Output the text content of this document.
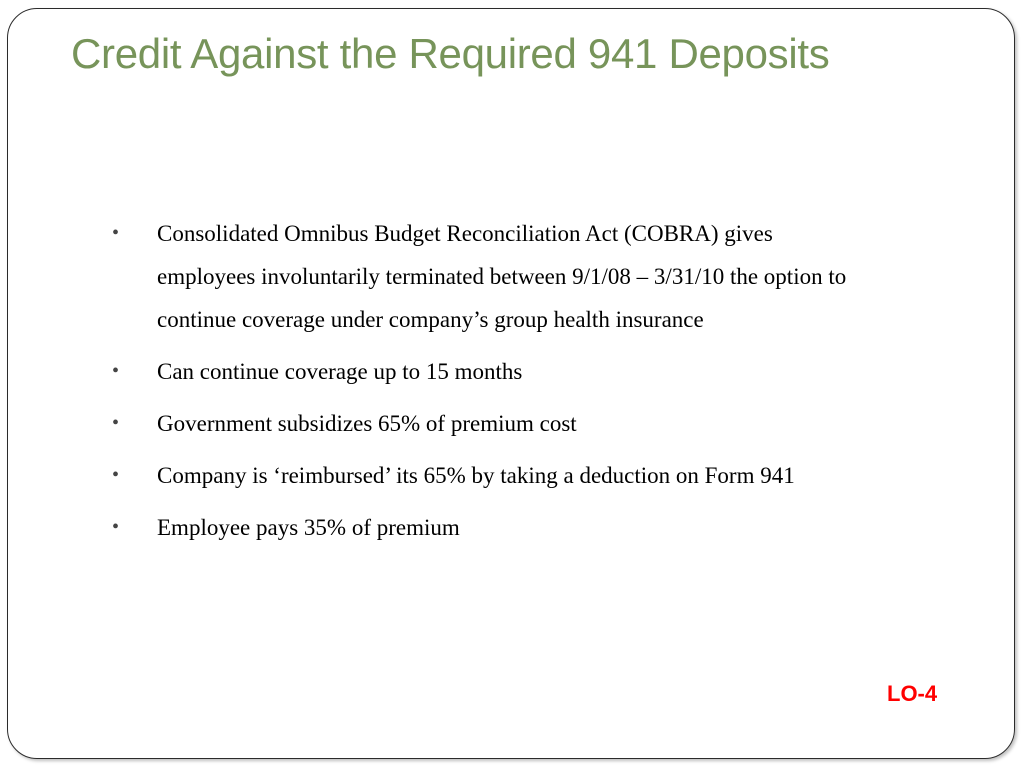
Credit Against the Required 941 Deposits
• Consolidated Omnibus Budget Reconciliation Act (COBRA) gives employees involuntarily terminated between 9/1/08 – 3/31/10 the option to continue coverage under company’s group health insurance
• Can continue coverage up to 15 months
• Government subsidizes 65% of premium cost
• Company is ‘reimbursed’ its 65% by taking a deduction on Form 941
• Employee pays 35% of premium
LO-4
